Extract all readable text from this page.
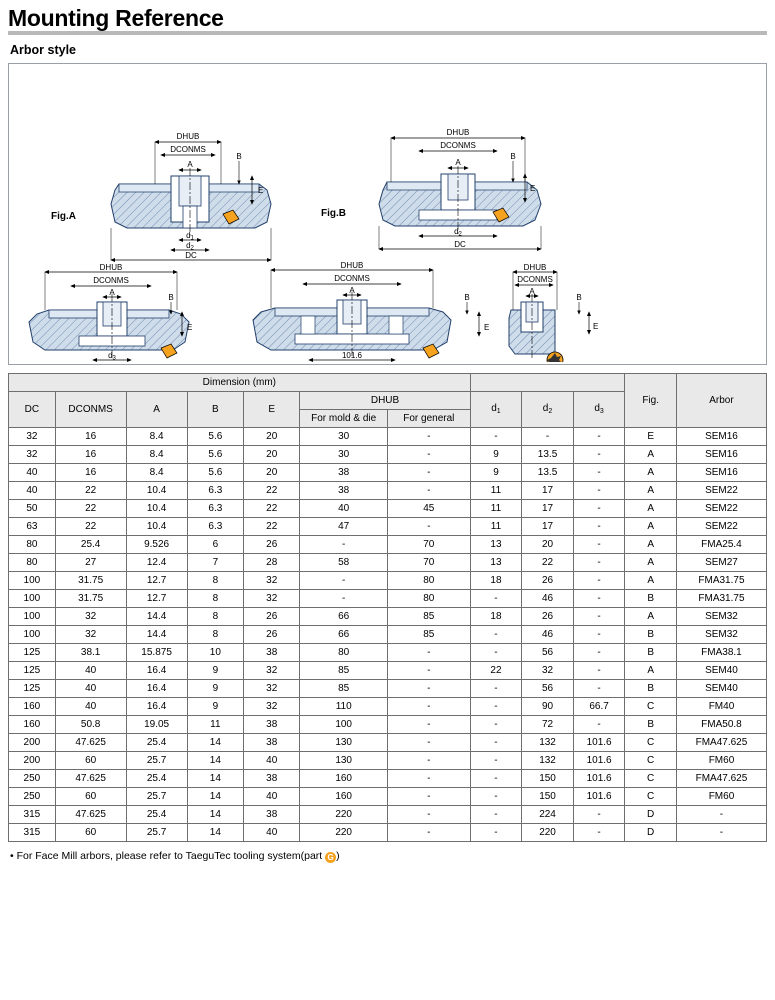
Mounting Reference
Arbor style
DHUB
DCONMS
A
B
E
d1
d2
DC
Fig.A
DHUB
DCONMS
A
B
E
d2
DC
Fig.B
DHUB
DCONMS
A
B
E
d3
DHUB
DCONMS
A
B
E
101.6
DHUB
DCONMS
A
B
E
Dimension (mm)										Fig.	Arbor
DC	DCONMS	A	B	E	DHUB		$d_1$	$d_2$	$d_3$
					For mold & die	For general					
32	16	8.4	5.6	20	30	-	-	-	-	E	SEM16
32	16	8.4	5.6	20	30	-	9	13.5	-	A	SEM16
40	16	8.4	5.6	20	38	-	9	13.5	-	A	SEM16
40	22	10.4	6.3	22	38	-	11	17	-	A	SEM22
50	22	10.4	6.3	22	40	45	11	17	-	A	SEM22
63	22	10.4	6.3	22	47	-	11	17	-	A	SEM22
80	25.4	9.526	6	26	-	70	13	20	-	A	FMA25.4
80	27	12.4	7	28	58	70	13	22	-	A	SEM27
100	31.75	12.7	8	32	-	80	18	26	-	A	FMA31.75
100	31.75	12.7	8	32	-	80	-	46	-	B	FMA31.75
100	32	14.4	8	26	66	85	18	26	-	A	SEM32
100	32	14.4	8	26	66	85	-	46	-	B	SEM32
125	38.1	15.875	10	38	80	-	-	56	-	B	FMA38.1
125	40	16.4	9	32	85	-	22	32	-	A	SEM40
125	40	16.4	9	32	85	-	-	56	-	B	SEM40
160	40	16.4	9	32	110	-	-	90	66.7	C	FM40
160	50.8	19.05	11	38	100	-	-	72	-	B	FMA50.8
200	47.625	25.4	14	38	130	-	-	132	101.6	C	FMA47.625
200	60	25.7	14	40	130	-	-	132	101.6	C	FM60
250	47.625	25.4	14	38	160	-	-	150	101.6	C	FMA47.625
250	60	25.7	14	40	160	-	-	150	101.6	C	FM60
315	47.625	25.4	14	38	220	-	-	224	-	D	-
315	60	25.7	14	40	220	-	-	220	-	D	-
• For Face Mill arbors, please refer to TaeguTec tooling system(part G )
